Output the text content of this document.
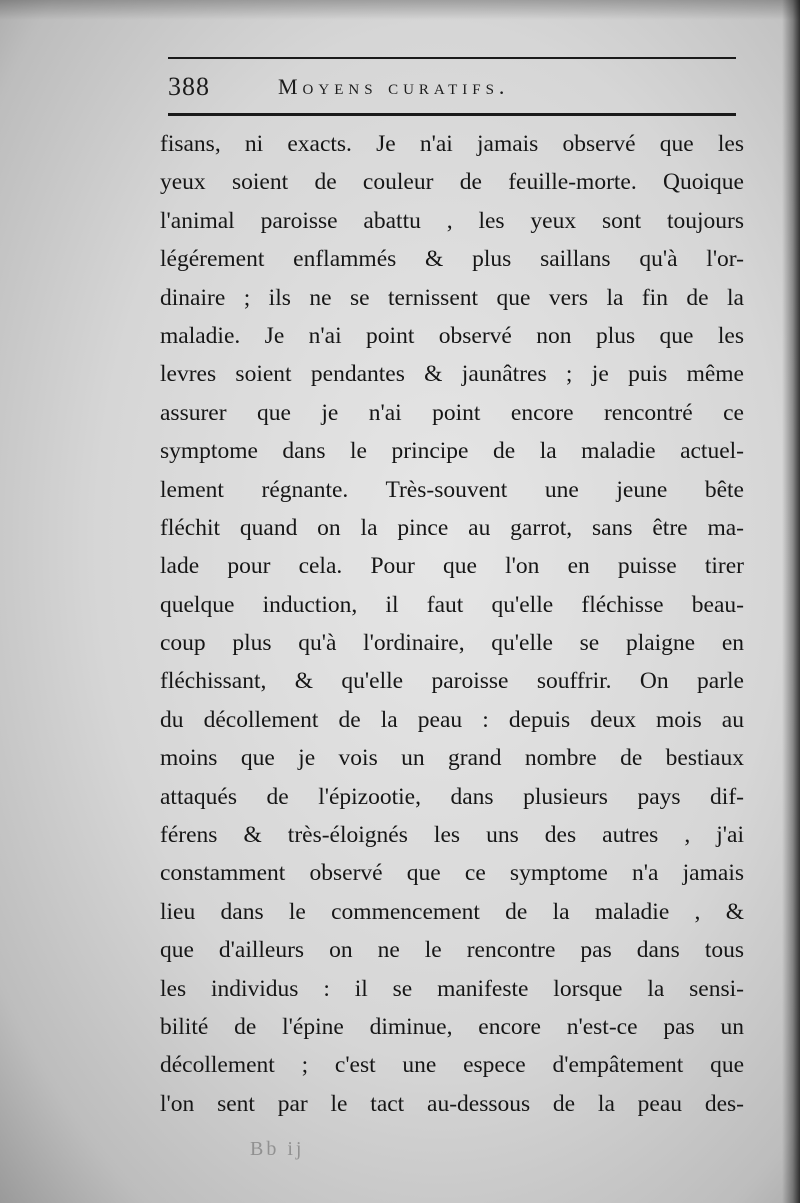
388	Moyens curatifs.
fisans, ni exacts. Je n'ai jamais observé que les
yeux soient de couleur de feuille-morte. Quoique
l'animal paroisse abattu , les yeux sont toujours
légérement enflammés & plus saillans qu'à l'or-
dinaire ; ils ne se ternissent que vers la fin de la
maladie. Je n'ai point observé non plus que les
levres soient pendantes & jaunâtres ; je puis même
assurer que je n'ai point encore rencontré ce
symptome dans le principe de la maladie actuel-
lement régnante. Très-souvent une jeune bête
fléchit quand on la pince au garrot, sans être ma-
lade pour cela. Pour que l'on en puisse tirer
quelque induction, il faut qu'elle fléchisse beau-
coup plus qu'à l'ordinaire, qu'elle se plaigne en
fléchissant, & qu'elle paroisse souffrir. On parle
du décollement de la peau : depuis deux mois au
moins que je vois un grand nombre de bestiaux
attaqués de l'épizootie, dans plusieurs pays dif-
férens & très-éloignés les uns des autres , j'ai
constamment observé que ce symptome n'a jamais
lieu dans le commencement de la maladie , &
que d'ailleurs on ne le rencontre pas dans tous
les individus : il se manifeste lorsque la sensi-
bilité de l'épine diminue, encore n'est-ce pas un
décollement ; c'est une espece d'empâtement que
l'on sent par le tact au-dessous de la peau des-
Bb ij
